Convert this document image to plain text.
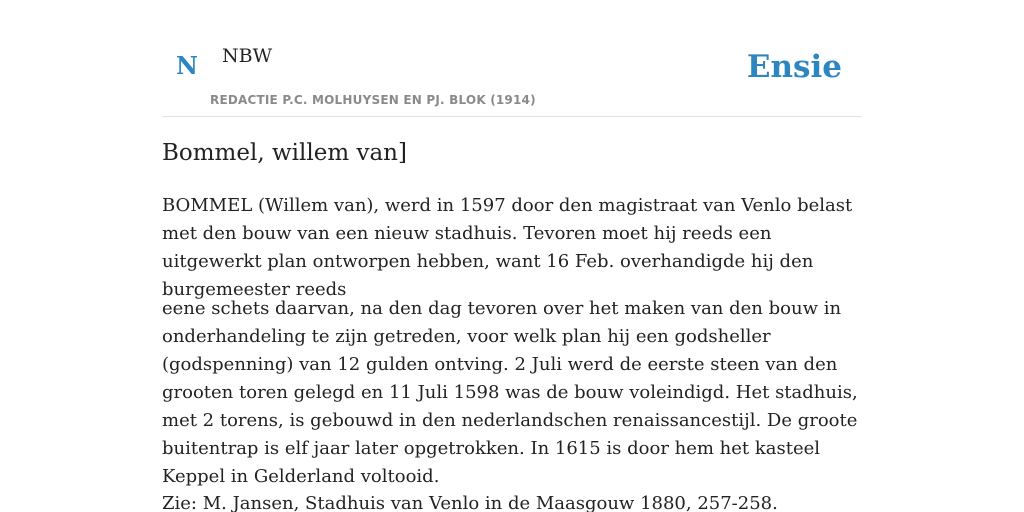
N NBW
REDACTIE P.C. MOLHUYSEN EN PJ. BLOK (1914)
Ensie
Bommel, willem van]

BOMMEL (Willem van), werd in 1597 door den magistraat van Venlo belast met den bouw van een nieuw stadhuis. Tevoren moet hij reeds een uitgewerkt plan ontworpen hebben, want 16 Feb. overhandigde hij den burgemeester reeds

eene schets daarvan, na den dag tevoren over het maken van den bouw in onderhandeling te zijn getreden, voor welk plan hij een godsheller (godspenning) van 12 gulden ontving. 2 Juli werd de eerste steen van den grooten toren gelegd en 11 Juli 1598 was de bouw voleindigd. Het stadhuis, met 2 torens, is gebouwd in den nederlandschen renaissancestijl. De groote buitentrap is elf jaar later opgetrokken. In 1615 is door hem het kasteel Keppel in Gelderland voltooid.

Zie: M. Jansen, Stadhuis van Venlo in de Maasgouw 1880, 257-258.
